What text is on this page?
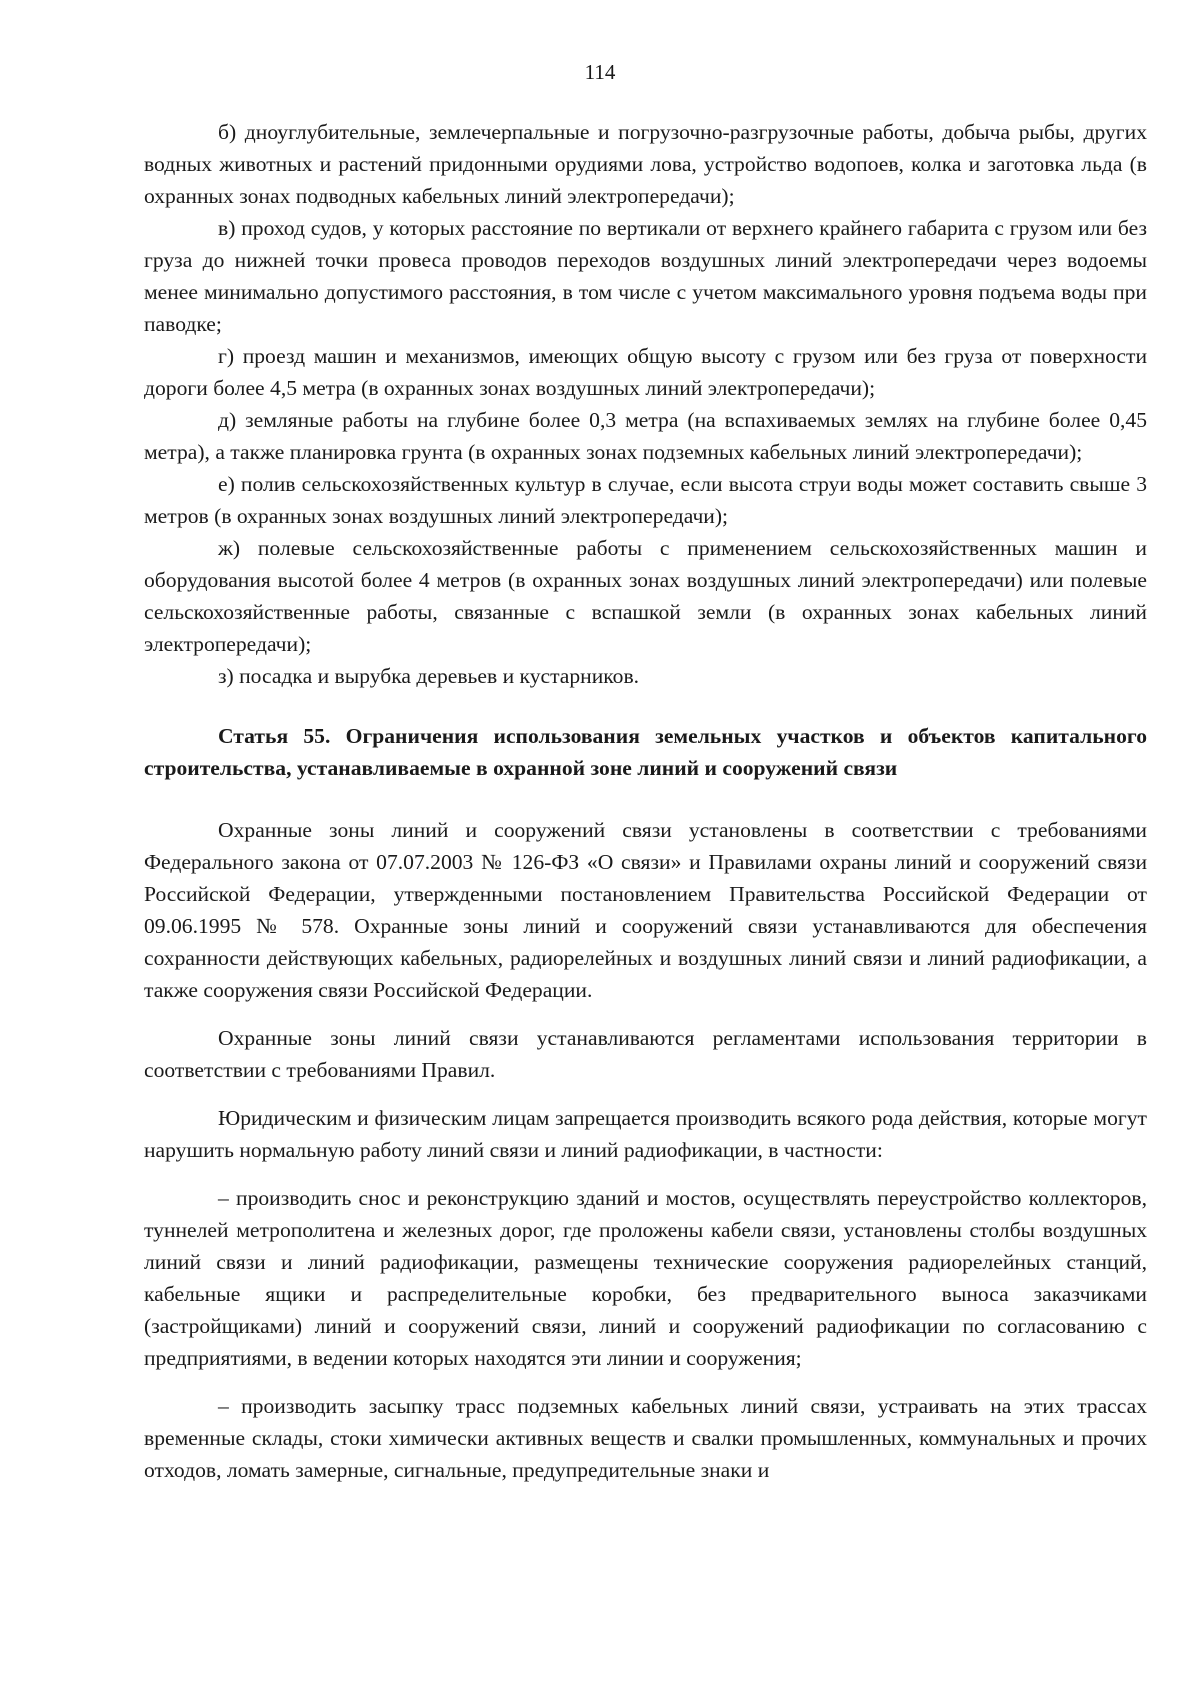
114

б) дноуглубительные, землечерпальные и погрузочно-разгрузочные работы, добыча рыбы, других водных животных и растений придонными орудиями лова, устройство водопоев, колка и заготовка льда (в охранных зонах подводных кабельных линий электропередачи);

в) проход судов, у которых расстояние по вертикали от верхнего крайнего габарита с грузом или без груза до нижней точки провеса проводов переходов воздушных линий электропередачи через водоемы менее минимально допустимого расстояния, в том числе с учетом максимального уровня подъема воды при паводке;

г) проезд машин и механизмов, имеющих общую высоту с грузом или без груза от поверхности дороги более 4,5 метра (в охранных зонах воздушных линий электропередачи);

д) земляные работы на глубине более 0,3 метра (на вспахиваемых землях на глубине более 0,45 метра), а также планировка грунта (в охранных зонах подземных кабельных линий электропередачи);

е) полив сельскохозяйственных культур в случае, если высота струи воды может составить свыше 3 метров (в охранных зонах воздушных линий электропередачи);

ж) полевые сельскохозяйственные работы с применением сельскохозяйственных машин и оборудования высотой более 4 метров (в охранных зонах воздушных линий электропередачи) или полевые сельскохозяйственные работы, связанные с вспашкой земли (в охранных зонах кабельных линий электропередачи);

з) посадка и вырубка деревьев и кустарников.

Статья 55. Ограничения использования земельных участков и объектов капитального строительства, устанавливаемые в охранной зоне линий и сооружений связи

Охранные зоны линий и сооружений связи установлены в соответствии с требованиями Федерального закона от 07.07.2003 № 126-ФЗ «О связи» и Правилами охраны линий и сооружений связи Российской Федерации, утвержденными постановлением Правительства Российской Федерации от 09.06.1995 № 578. Охранные зоны линий и сооружений связи устанавливаются для обеспечения сохранности действующих кабельных, радиорелейных и воздушных линий связи и линий радиофикации, а также сооружения связи Российской Федерации.

Охранные зоны линий связи устанавливаются регламентами использования территории в соответствии с требованиями Правил.

Юридическим и физическим лицам запрещается производить всякого рода действия, которые могут нарушить нормальную работу линий связи и линий радиофикации, в частности:

– производить снос и реконструкцию зданий и мостов, осуществлять переустройство коллекторов, туннелей метрополитена и железных дорог, где проложены кабели связи, установлены столбы воздушных линий связи и линий радиофикации, размещены технические сооружения радиорелейных станций, кабельные ящики и распределительные коробки, без предварительного выноса заказчиками (застройщиками) линий и сооружений связи, линий и сооружений радиофикации по согласованию с предприятиями, в ведении которых находятся эти линии и сооружения;

– производить засыпку трасс подземных кабельных линий связи, устраивать на этих трассах временные склады, стоки химически активных веществ и свалки промышленных, коммунальных и прочих отходов, ломать замерные, сигнальные, предупредительные знаки и
